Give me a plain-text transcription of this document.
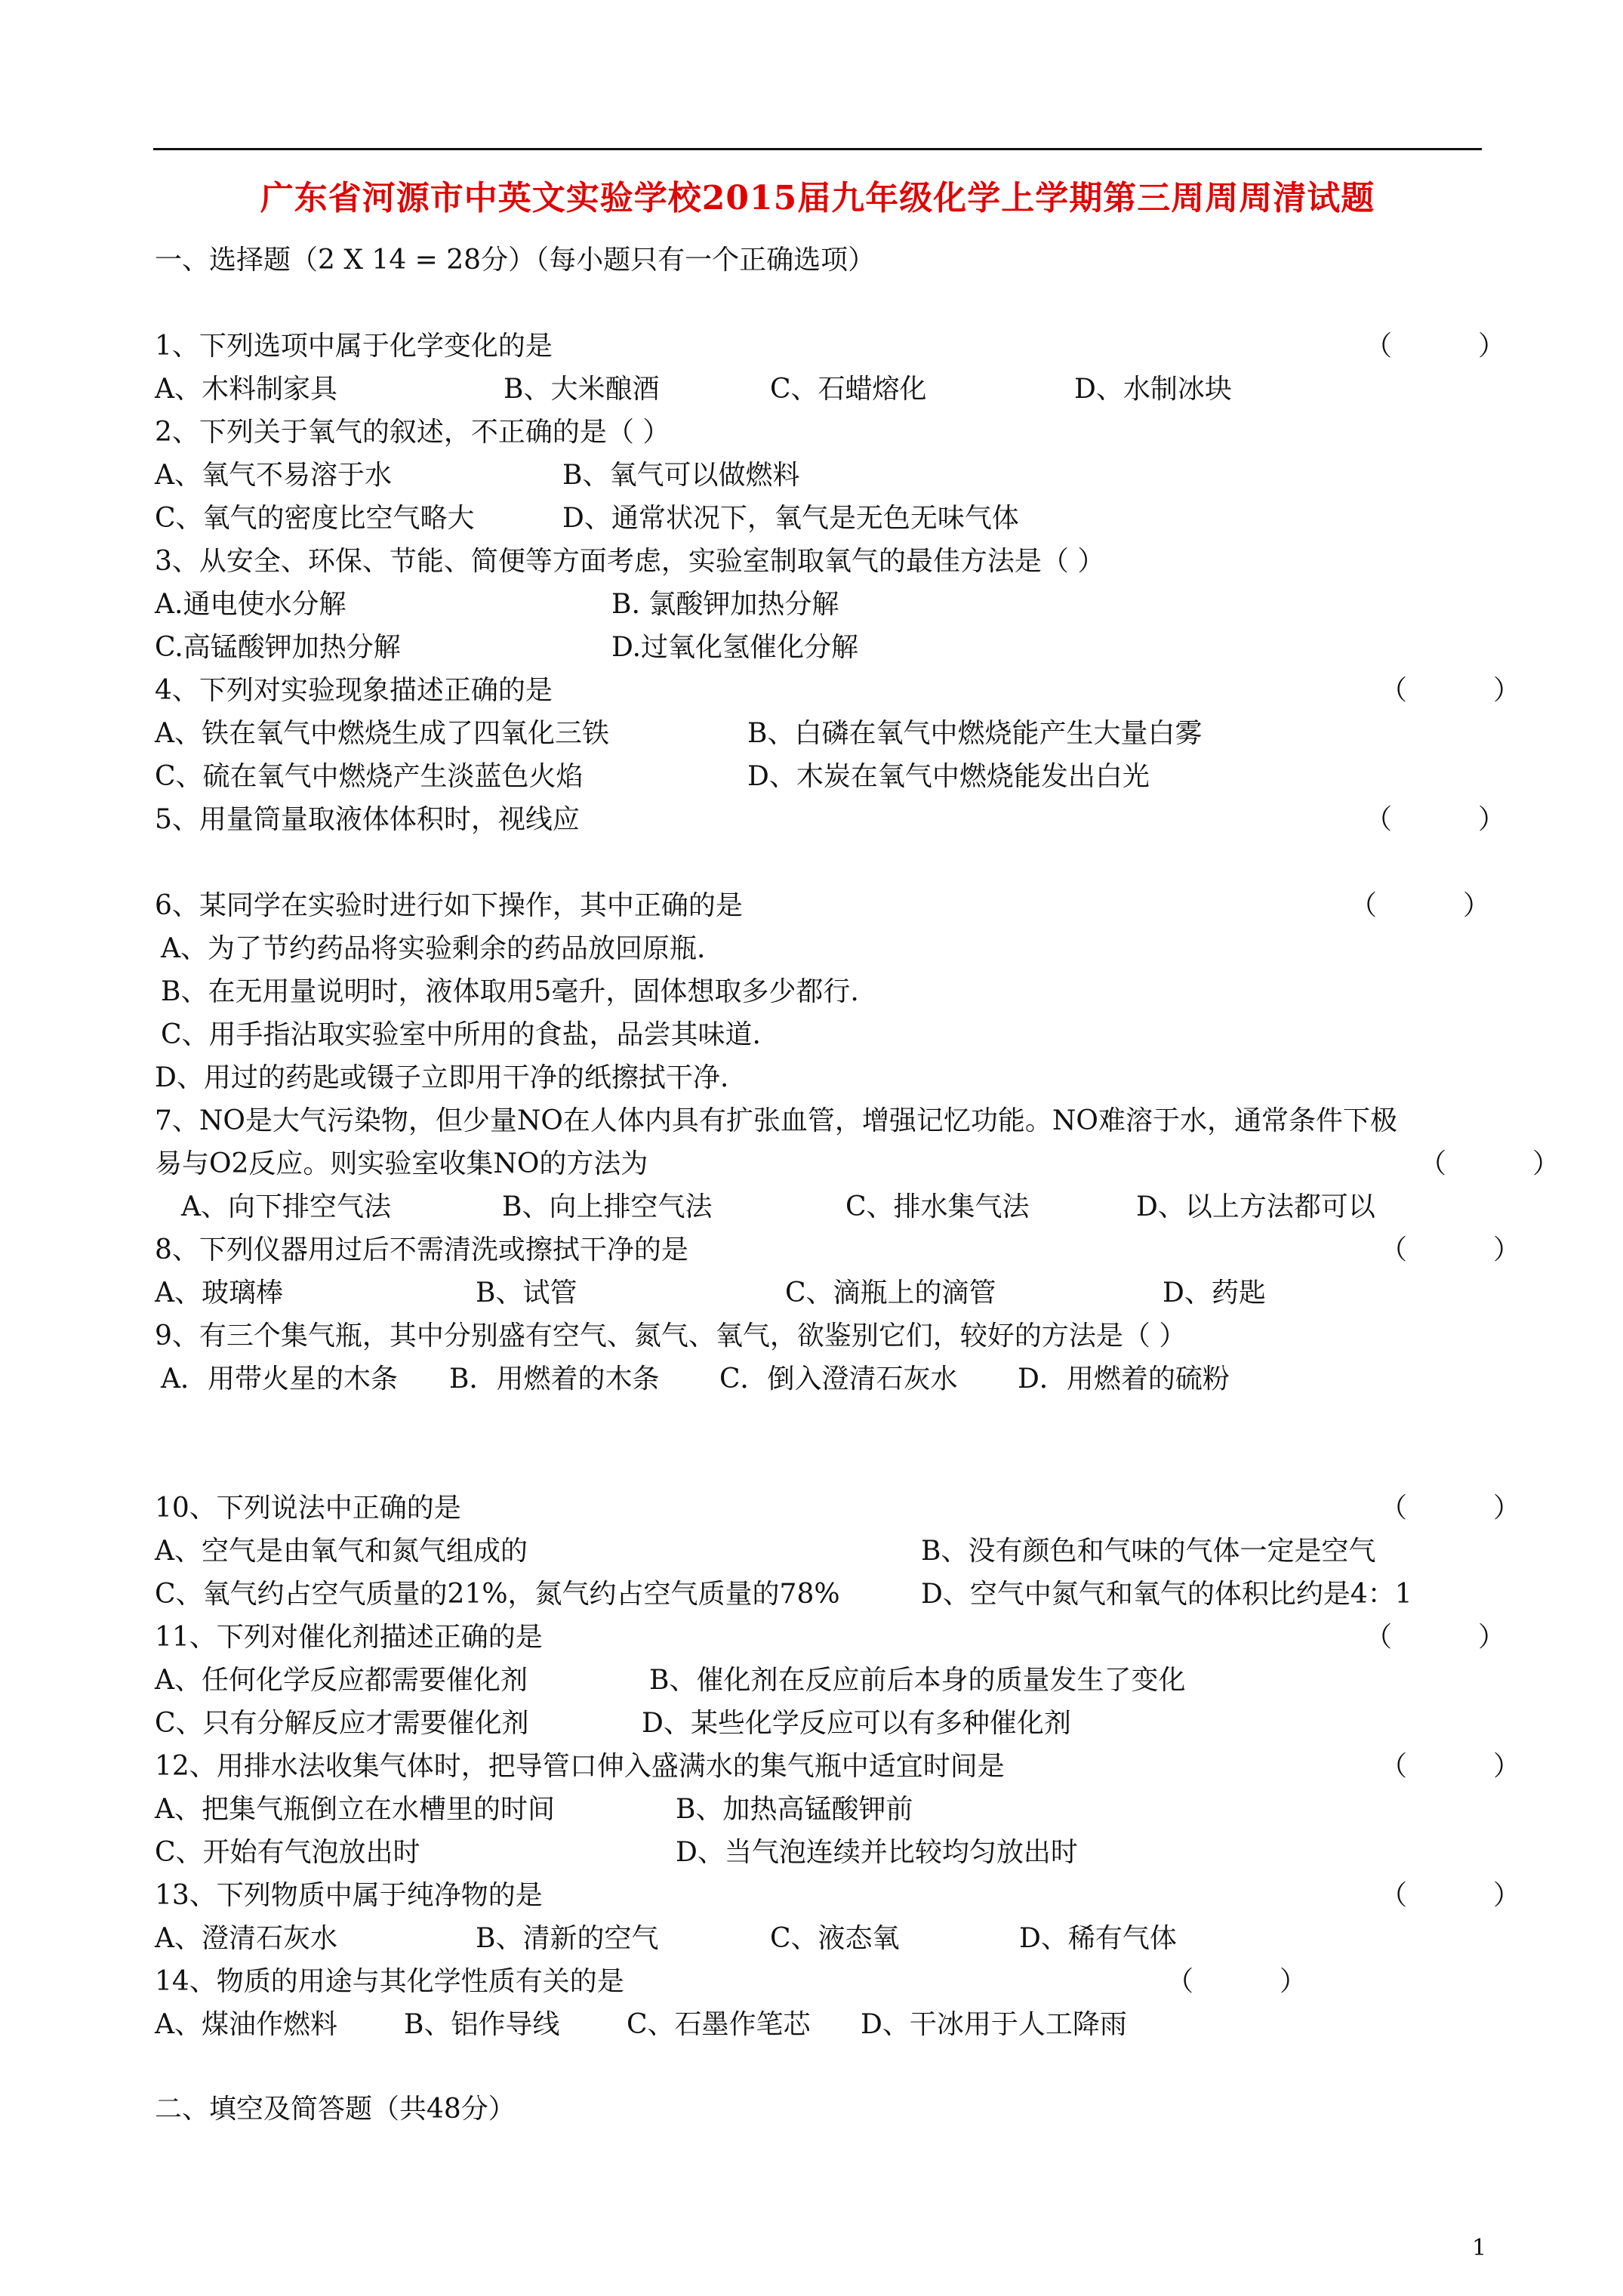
广东省河源市中英文实验学校2015届九年级化学上学期第三周周周清试题
一、选择题（2 X 14 = 28分）（每小题只有一个正确选项）
1、下列选项中属于化学变化的是	（	）
A、木料制家具	B、大米酿酒	C、石蜡熔化	D、水制冰块
2、下列关于氧气的叙述，不正确的是（ ）
A、氧气不易溶于水	B、氧气可以做燃料
C、氧气的密度比空气略大	D、通常状况下，氧气是无色无味气体
3、从安全、环保、节能、简便等方面考虑，实验室制取氧气的最佳方法是（ ）
A.通电使水分解	B. 氯酸钾加热分解
C.高锰酸钾加热分解	D.过氧化氢催化分解
4、下列对实验现象描述正确的是	（	）
A、铁在氧气中燃烧生成了四氧化三铁	B、白磷在氧气中燃烧能产生大量白雾
C、硫在氧气中燃烧产生淡蓝色火焰	D、木炭在氧气中燃烧能发出白光
5、用量筒量取液体体积时，视线应	（	）
6、某同学在实验时进行如下操作，其中正确的是	（	）
A、为了节约药品将实验剩余的药品放回原瓶.
B、在无用量说明时，液体取用5毫升，固体想取多少都行.
C、用手指沾取实验室中所用的食盐，品尝其味道.
D、用过的药匙或镊子立即用干净的纸擦拭干净.
7、NO是大气污染物，但少量NO在人体内具有扩张血管，增强记忆功能。NO难溶于水，通常条件下极
易与O2反应。则实验室收集NO的方法为	（	）
A、向下排空气法	B、向上排空气法	C、排水集气法	D、以上方法都可以
8、下列仪器用过后不需清洗或擦拭干净的是	（	）
A、玻璃棒	B、试管	C、滴瓶上的滴管	D、药匙
9、有三个集气瓶，其中分别盛有空气、氮气、氧气，欲鉴别它们，较好的方法是（ ）
A．用带火星的木条 B．用燃着的木条 C．倒入澄清石灰水 D．用燃着的硫粉
10、下列说法中正确的是	（	）
A、空气是由氧气和氮气组成的	B、没有颜色和气味的气体一定是空气
C、氧气约占空气质量的21%，氮气约占空气质量的78%	D、空气中氮气和氧气的体积比约是4：1
11、下列对催化剂描述正确的是	（	）
A、任何化学反应都需要催化剂	B、催化剂在反应前后本身的质量发生了变化
C、只有分解反应才需要催化剂	D、某些化学反应可以有多种催化剂
12、用排水法收集气体时，把导管口伸入盛满水的集气瓶中适宜时间是	（	）
A、把集气瓶倒立在水槽里的时间	B、加热高锰酸钾前
C、开始有气泡放出时	D、当气泡连续并比较均匀放出时
13、下列物质中属于纯净物的是	（	）
A、澄清石灰水	B、清新的空气	C、液态氧	D、稀有气体
14、物质的用途与其化学性质有关的是	（	）
A、煤油作燃料 B、铝作导线 C、石墨作笔芯 D、干冰用于人工降雨
二、填空及简答题（共48分）
1
